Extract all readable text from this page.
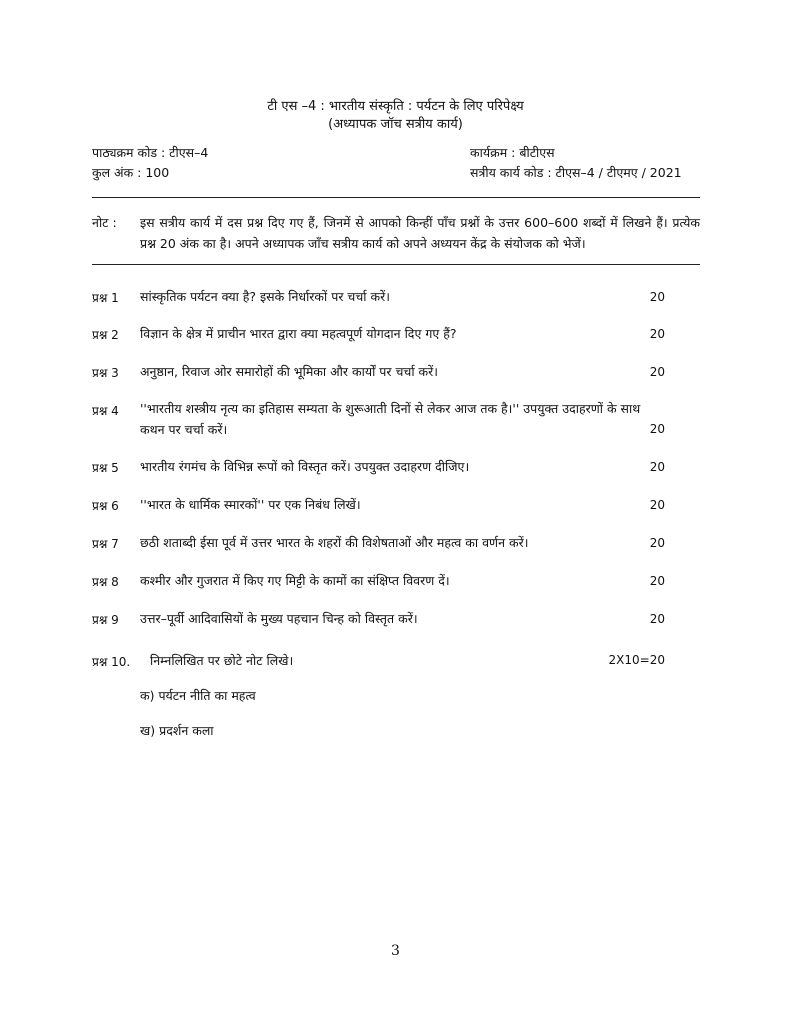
टी एस –4 : भारतीय संस्कृति : पर्यटन के लिए परिपेक्ष्य
(अध्यापक जॉच सत्रीय कार्य)
पाठ्यक्रम कोड : टीएस–4
कुल अंक : 100
कार्यक्रम : बीटीएस
सत्रीय कार्य कोड : टीएस–4 / टीएमए / 2021
नोट : इस सत्रीय कार्य में दस प्रश्न दिए गए हैं, जिनमें से आपको किन्हीं पाँच प्रश्नों के उत्तर 600–600 शब्दों में लिखने हैं। प्रत्येक प्रश्न 20 अंक का है। अपने अध्यापक जाँच सत्रीय कार्य को अपने अध्ययन केंद्र के संयोजक को भेजें।
प्रश्न 1 सांस्कृतिक पर्यटन क्या है? इसके निर्धारकों पर चर्चा करें।	20
प्रश्न 2 विज्ञान के क्षेत्र में प्राचीन भारत द्वारा क्या महत्वपूर्ण योगदान दिए गए हैं?	20
प्रश्न 3 अनुष्ठान, रिवाज ओर समारोहों की भूमिका और कार्यों पर चर्चा करें।	20
प्रश्न 4 ''भारतीय शस्त्रीय नृत्य का इतिहास सम्यता के शुरूआती दिनों से लेकर आज तक है।'' उपयुक्त उदाहरणों के साथ कथन पर चर्चा करें।	20
प्रश्न 5 भारतीय रंगमंच के विभिन्न रूपों को विस्तृत करें। उपयुक्त उदाहरण दीजिए।	20
प्रश्न 6 ''भारत के धार्मिक स्मारकों'' पर एक निबंध लिखें।	20
प्रश्न 7 छठी शताब्दी ईसा पूर्व में उत्तर भारत के शहरों की विशेषताओं और महत्व का वर्णन करें।	20
प्रश्न 8 कश्मीर और गुजरात में किए गए मिट्टी के कामों का संक्षिप्त विवरण दें।	20
प्रश्न 9 उत्तर–पूर्वी आदिवासियों के मुख्य पहचान चिन्ह को विस्तृत करें।	20
प्रश्न 10. निम्नलिखित पर छोटे नोट लिखे।	2X10=20
क) पर्यटन नीति का महत्व
ख) प्रदर्शन कला
3
